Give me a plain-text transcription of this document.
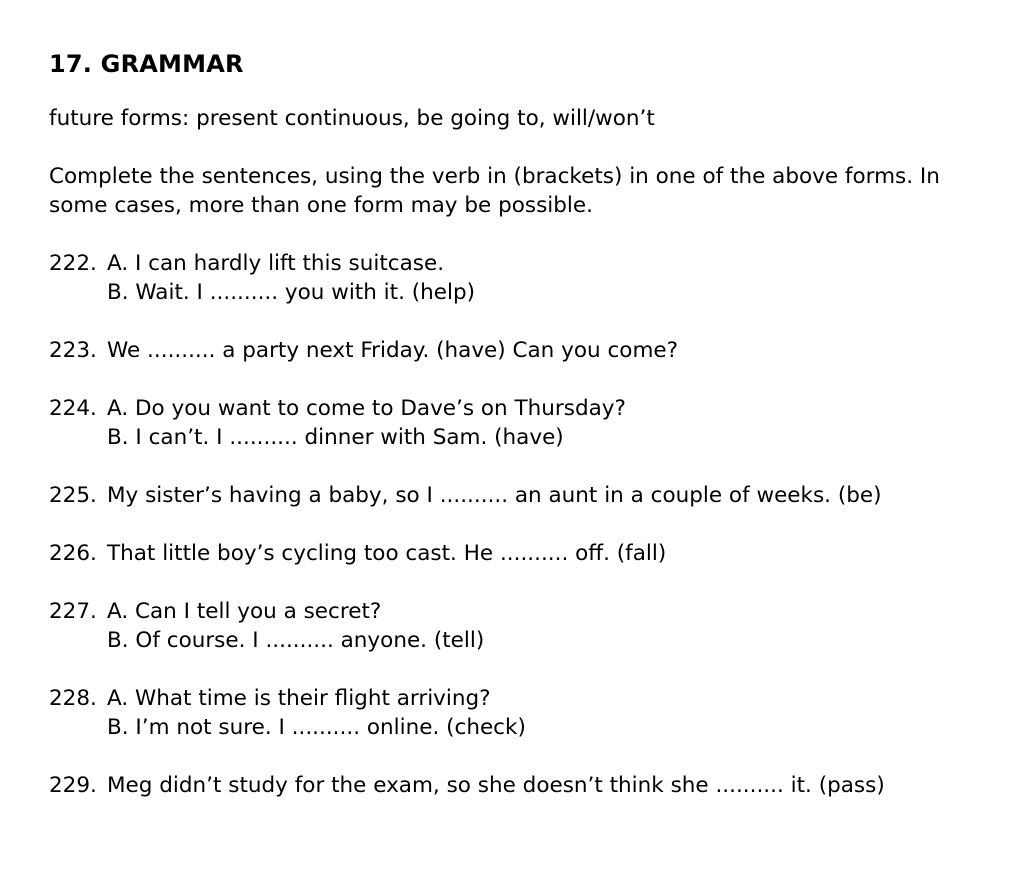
17. GRAMMAR
future forms: present continuous, be going to, will/won’t
Complete the sentences, using the verb in (brackets) in one of the above forms. In some cases, more than one form may be possible.
222. A. I can hardly lift this suitcase.
B. Wait. I .......... you with it. (help)
223. We .......... a party next Friday. (have) Can you come?
224. A. Do you want to come to Dave’s on Thursday?
B. I can’t. I .......... dinner with Sam. (have)
225. My sister’s having a baby, so I .......... an aunt in a couple of weeks. (be)
226. That little boy’s cycling too cast. He .......... off. (fall)
227. A. Can I tell you a secret?
B. Of course. I .......... anyone. (tell)
228. A. What time is their flight arriving?
B. I’m not sure. I .......... online. (check)
229. Meg didn’t study for the exam, so she doesn’t think she .......... it. (pass)
